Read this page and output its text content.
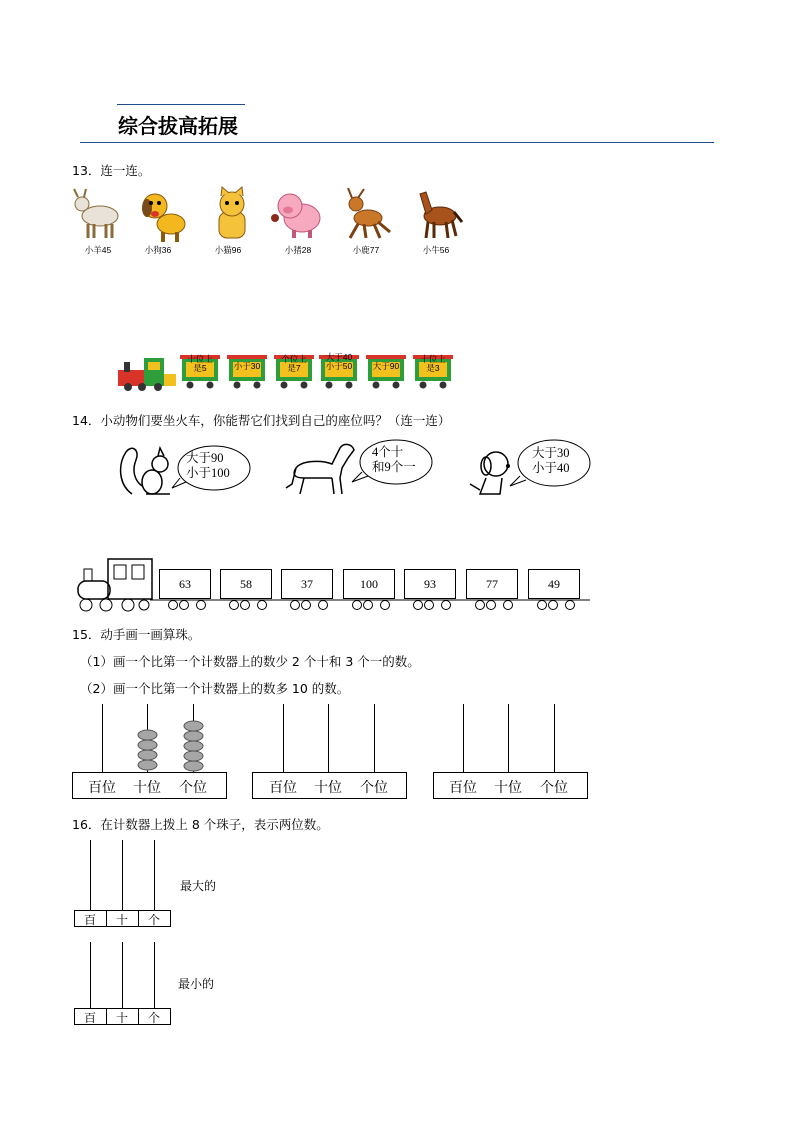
综合拔高拓展
13．连一连。
小羊45	小狗36	小猫96	小猪28	小鹿77	小牛56
十位上
是5	小于30
个位上
是7
大于40
小于50	大于90
十位上
是3
14．小动物们要坐火车，你能帮它们找到自己的座位吗？（连一连）
大于90
小于100
4个十
和9个一
大于30
小于40
63	58	37	100	93	77	49
15．动手画一画算珠。
（1）画一个比第一个计数器上的数少 2 个十和 3 个一的数。
（2）画一个比第一个计数器上的数多 10 的数。
百位	十位	个位	百位	十位	个位	百位	十位	个位
16．在计数器上拨上 8 个珠子，表示两位数。
百	十	个
最大的
百	十	个
最小的
